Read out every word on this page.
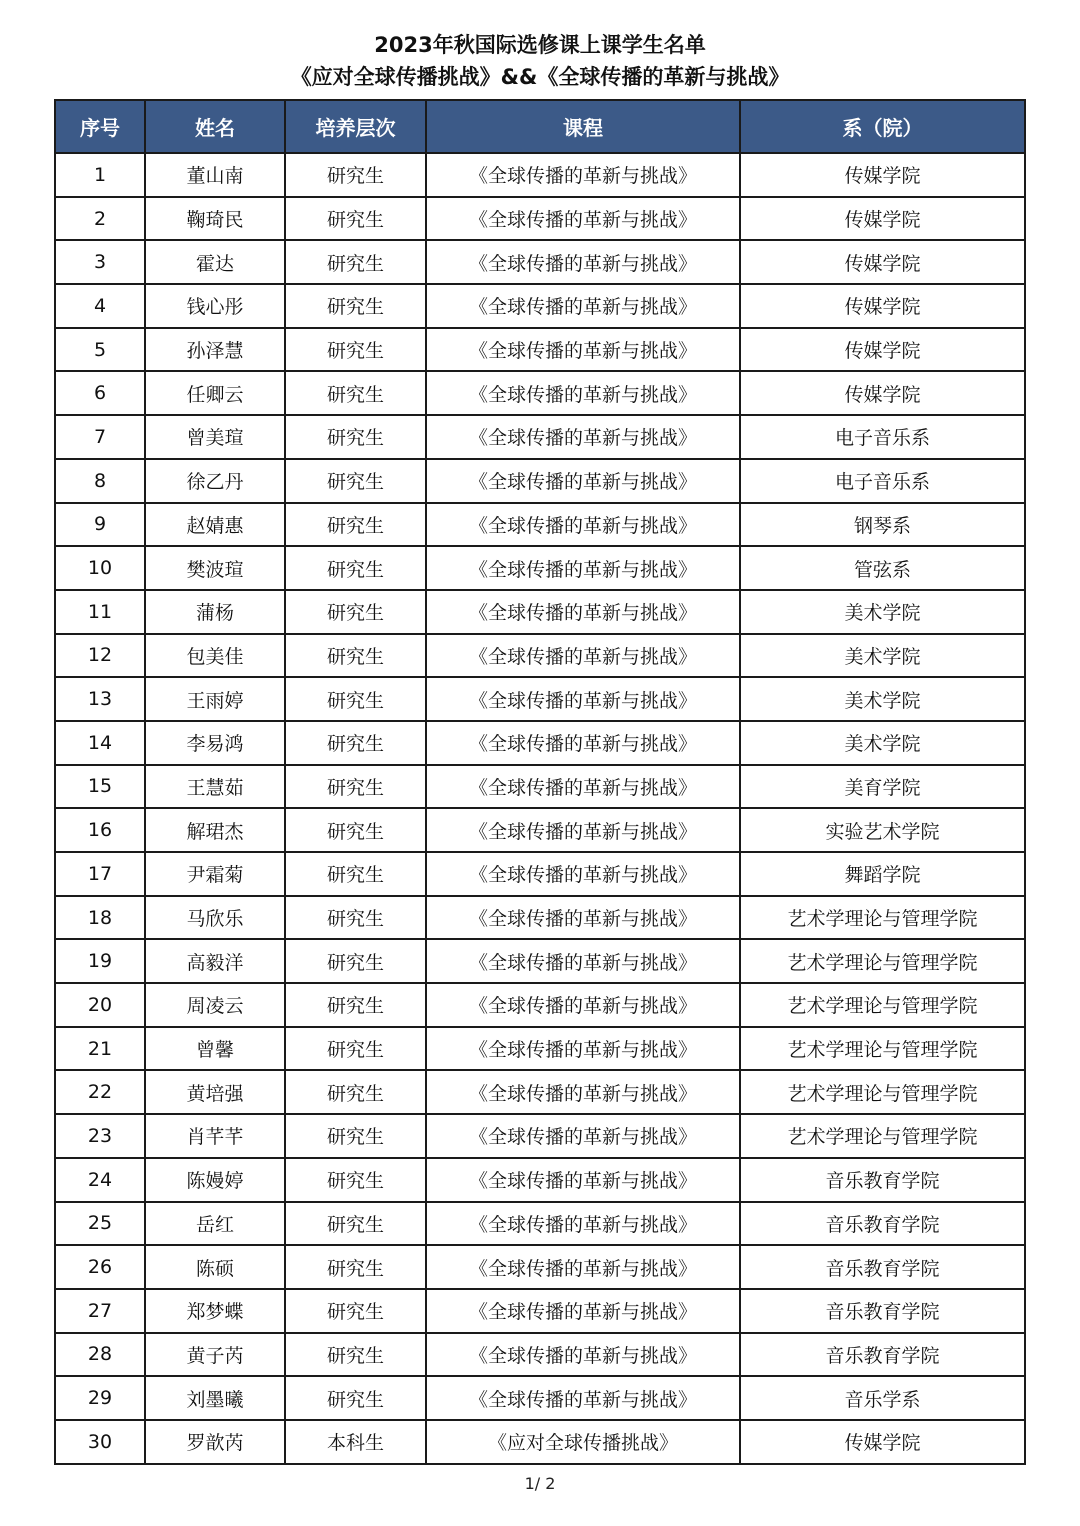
2023年秋国际选修课上课学生名单
《应对全球传播挑战》&&《全球传播的革新与挑战》
序号	姓名	培养层次	课程	系（院）
1	董山南	研究生	《全球传播的革新与挑战》	传媒学院
2	鞠琦民	研究生	《全球传播的革新与挑战》	传媒学院
3	霍达	研究生	《全球传播的革新与挑战》	传媒学院
4	钱心彤	研究生	《全球传播的革新与挑战》	传媒学院
5	孙泽慧	研究生	《全球传播的革新与挑战》	传媒学院
6	任卿云	研究生	《全球传播的革新与挑战》	传媒学院
7	曾美瑄	研究生	《全球传播的革新与挑战》	电子音乐系
8	徐乙丹	研究生	《全球传播的革新与挑战》	电子音乐系
9	赵婧惠	研究生	《全球传播的革新与挑战》	钢琴系
10	樊波瑄	研究生	《全球传播的革新与挑战》	管弦系
11	蒲杨	研究生	《全球传播的革新与挑战》	美术学院
12	包美佳	研究生	《全球传播的革新与挑战》	美术学院
13	王雨婷	研究生	《全球传播的革新与挑战》	美术学院
14	李易鸿	研究生	《全球传播的革新与挑战》	美术学院
15	王慧茹	研究生	《全球传播的革新与挑战》	美育学院
16	解珺杰	研究生	《全球传播的革新与挑战》	实验艺术学院
17	尹霜菊	研究生	《全球传播的革新与挑战》	舞蹈学院
18	马欣乐	研究生	《全球传播的革新与挑战》	艺术学理论与管理学院
19	高毅洋	研究生	《全球传播的革新与挑战》	艺术学理论与管理学院
20	周凌云	研究生	《全球传播的革新与挑战》	艺术学理论与管理学院
21	曾馨	研究生	《全球传播的革新与挑战》	艺术学理论与管理学院
22	黄培强	研究生	《全球传播的革新与挑战》	艺术学理论与管理学院
23	肖芊芊	研究生	《全球传播的革新与挑战》	艺术学理论与管理学院
24	陈嫚婷	研究生	《全球传播的革新与挑战》	音乐教育学院
25	岳红	研究生	《全球传播的革新与挑战》	音乐教育学院
26	陈硕	研究生	《全球传播的革新与挑战》	音乐教育学院
27	郑梦蝶	研究生	《全球传播的革新与挑战》	音乐教育学院
28	黄子芮	研究生	《全球传播的革新与挑战》	音乐教育学院
29	刘墨曦	研究生	《全球传播的革新与挑战》	音乐学系
30	罗歆芮	本科生	《应对全球传播挑战》	传媒学院
1/ 2
